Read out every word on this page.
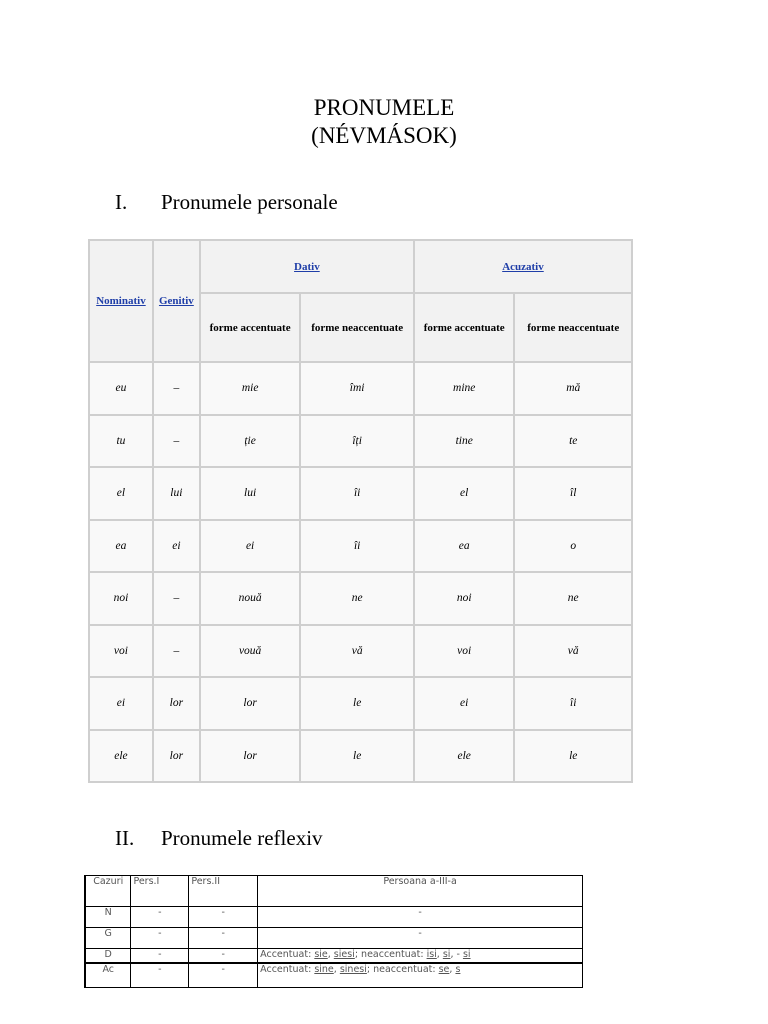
PRONUMELE
(NÉVMÁSOK)
I. Pronumele personale
Nominativ	Genitiv	Dativ		Acuzativ	
		forme accentuate	forme neaccentuate	forme accentuate	forme neaccentuate
eu	–	mie	îmi	mine	mă
tu	–	ție	îți	tine	te
el	lui	lui	îi	el	îl
ea	ei	ei	îi	ea	o
noi	–	nouă	ne	noi	ne
voi	–	vouă	vă	voi	vă
ei	lor	lor	le	ei	îi
ele	lor	lor	le	ele	le
II. Pronumele reflexiv
Cazuri	Pers.I	Pers.II	Persoana a-III-a
N	-	-	-
G	-	-	-
D	-	-	Accentuat: sie, siesi; neaccentuat: isi, si, - si
Ac	-	-	Accentuat: sine, sinesi; neaccentuat: se, s
